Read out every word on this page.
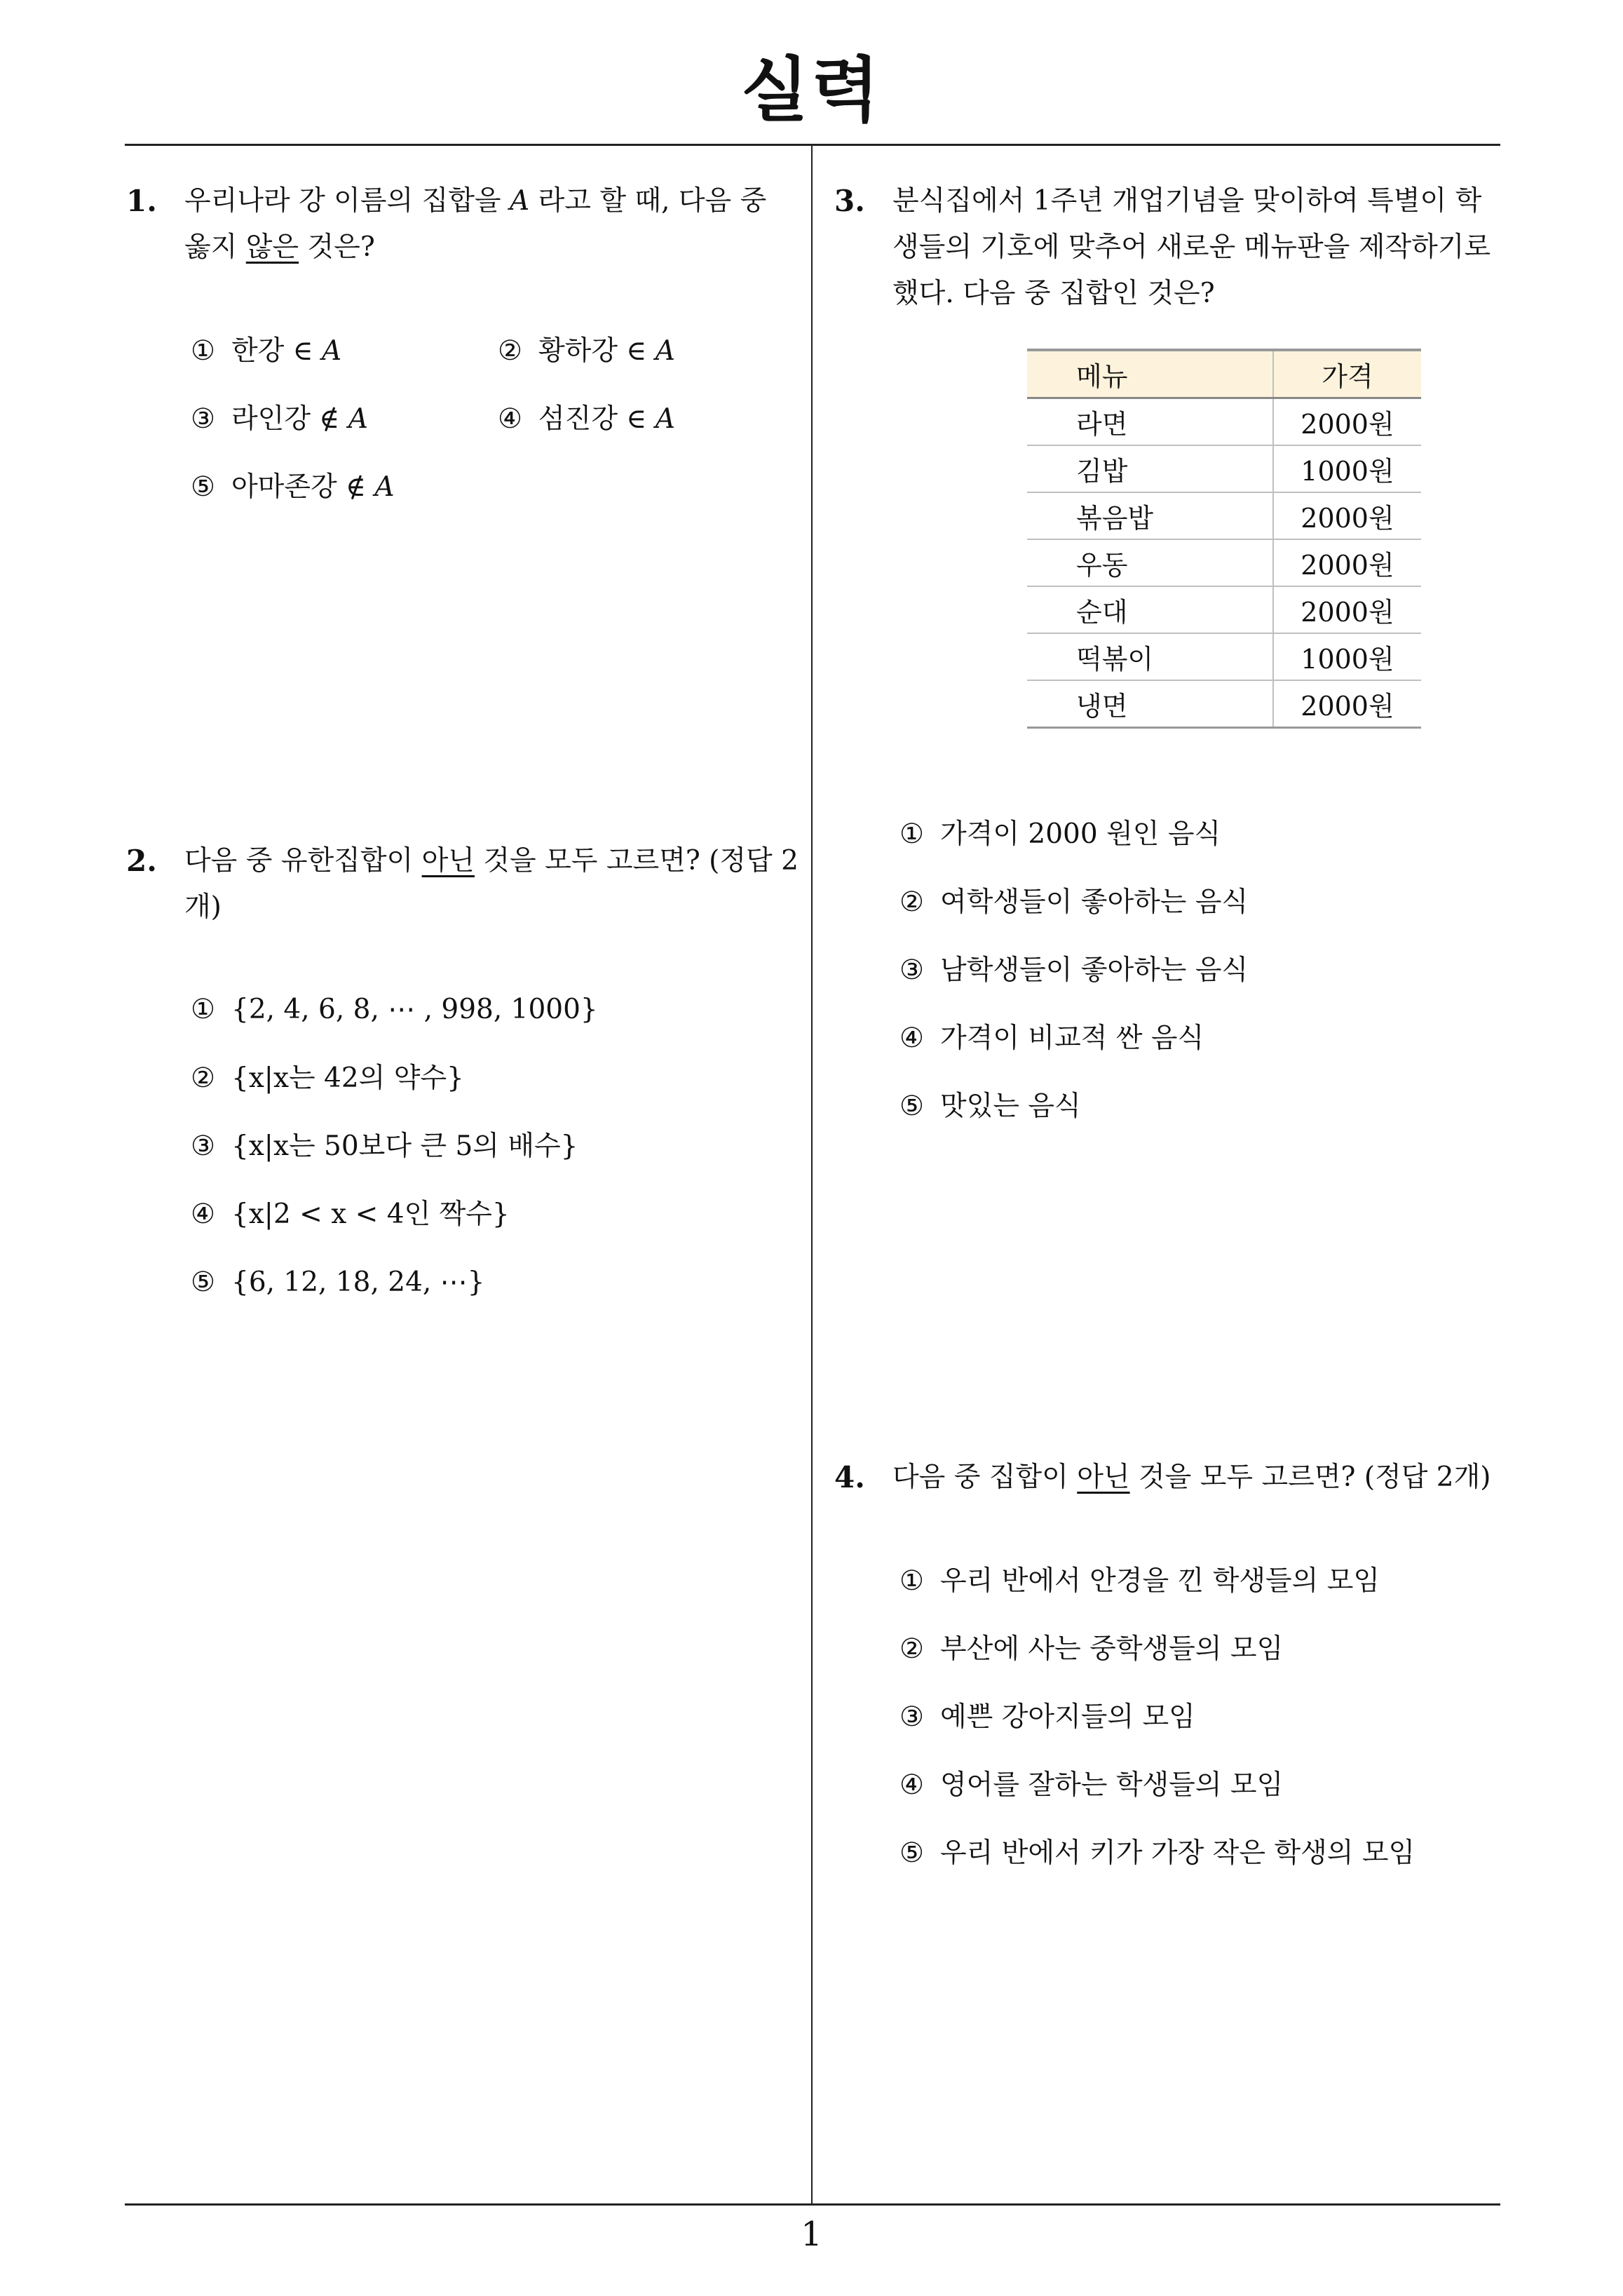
실력
1. 우리나라 강 이름의 집합을 A 라고 할 때, 다음 중 옳지 않은 것은?
① 한강 ∈ A	② 황하강 ∈ A
③ 라인강 ∉ A	④ 섬진강 ∈ A
⑤ 아마존강 ∉ A
2. 다음 중 유한집합이 아닌 것을 모두 고르면? (정답 2개)
① {2, 4, 6, 8, ⋯ , 998, 1000}
② {x|x는 42의 약수}
③ {x|x는 50보다 큰 5의 배수}
④ {x|2 < x < 4인 짝수}
⑤ {6, 12, 18, 24, ⋯}
3. 분식집에서 1주년 개업기념을 맞이하여 특별이 학생들의 기호에 맞추어 새로운 메뉴판을 제작하기로 했다. 다음 중 집합인 것은?
메뉴	가격
라면	2000원
김밥	1000원
볶음밥	2000원
우동	2000원
순대	2000원
떡볶이	1000원
냉면	2000원
① 가격이 2000 원인 음식
② 여학생들이 좋아하는 음식
③ 남학생들이 좋아하는 음식
④ 가격이 비교적 싼 음식
⑤ 맛있는 음식
4. 다음 중 집합이 아닌 것을 모두 고르면? (정답 2개)
① 우리 반에서 안경을 낀 학생들의 모임
② 부산에 사는 중학생들의 모임
③ 예쁜 강아지들의 모임
④ 영어를 잘하는 학생들의 모임
⑤ 우리 반에서 키가 가장 작은 학생의 모임
1
